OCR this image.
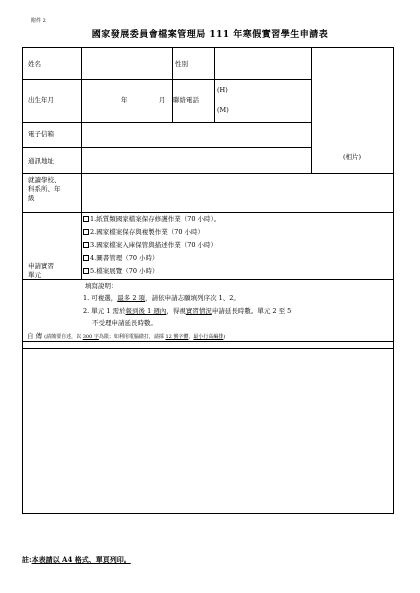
附件 2
國家發展委員會檔案管理局 111 年寒假實習學生申請表
姓名	性別
出生年月	年	月 聯絡電話
(H)
(M)
電子信箱
通訊地址	(相片)
就讀學校、
科系所、年
級
申請實習
單元
1.紙質類國家檔案保存修護作業（70 小時）。
2.國家檔案保存與複製作業（70 小時）
3.國家檔案入庫保管與描述作業（70 小時）
4.圖書管理（70 小時）
5.檔案展覽（70 小時）
填寫說明：
1. 可複選，最多 2 項，請依申請志願填列序次 1、2。
2. 單元 1 需於報到後 1 週內，得視實習情況申請延長時數。單元 2 至 5
不受理申請延長時數。
自 傳 (請簡要自述，以 300 字為限；如利用電腦繕打，請採 12 號字體，最小行高編排)
註:本表請以 A4 格式、單頁列印。
